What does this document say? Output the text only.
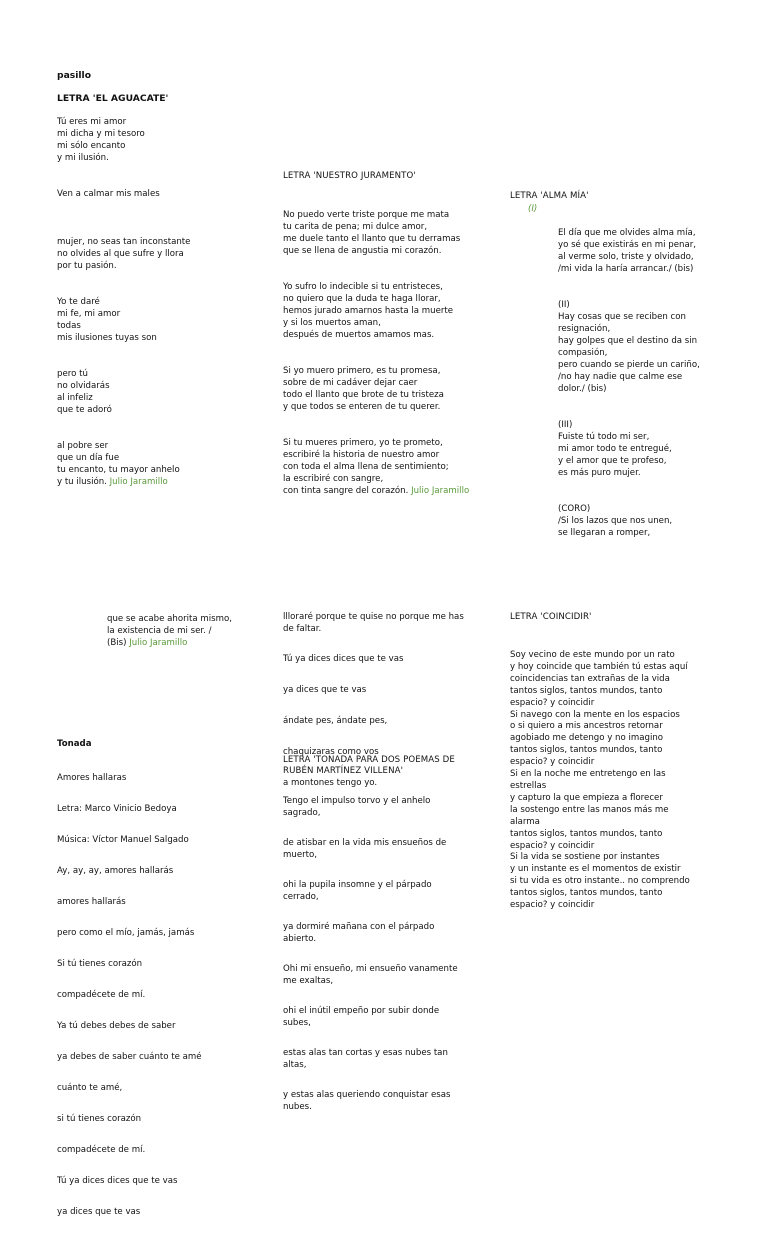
pasillo

LETRA 'EL AGUACATE'

Tú eres mi amor
mi dicha y mi tesoro
mi sólo encanto
y mi ilusión.

Ven a calmar mis males

mujer, no seas tan inconstante
no olvides al que sufre y llora
por tu pasión.

Yo te daré
mi fe, mi amor
todas
mis ilusiones tuyas son

pero tú
no olvidarás
al infeliz
que te adoró

al pobre ser
que un día fue
tu encanto, tu mayor anhelo
y tu ilusión. Julio Jaramillo

LETRA 'NUESTRO JURAMENTO'

No puedo verte triste porque me mata
tu carita de pena; mi dulce amor,
me duele tanto el llanto que tu derramas
que se llena de angustia mi corazón.

Yo sufro lo indecible si tu entristeces,
no quiero que la duda te haga llorar,
hemos jurado amarnos hasta la muerte
y si los muertos aman,
después de muertos amamos mas.

Si yo muero primero, es tu promesa,
sobre de mi cadáver dejar caer
todo el llanto que brote de tu tristeza
y que todos se enteren de tu querer.

Si tu mueres primero, yo te prometo,
escribiré la historia de nuestro amor
con toda el alma llena de sentimiento;
la escribiré con sangre,
con tinta sangre del corazón. Julio Jaramillo

LETRA 'ALMA MÍA'

(I)

El día que me olvides alma mía,
yo sé que existirás en mi penar,
al verme solo, triste y olvidado,
/mi vida la haría arrancar./ (bis)

(II)
Hay cosas que se reciben con
resignación,
hay golpes que el destino da sin
compasión,
pero cuando se pierde un cariño,
/no hay nadie que calme ese
dolor./ (bis)

(III)
Fuiste tú todo mi ser,
mi amor todo te entregué,
y el amor que te profeso,
es más puro mujer.

(CORO)
/Si los lazos que nos unen,
se llegaran a romper,

que se acabe ahorita mismo,
la existencia de mi ser. /
(Bis) Julio Jaramillo

Tonada

Amores hallaras

Letra: Marco Vinicio Bedoya

Música: Víctor Manuel Salgado

Ay, ay, ay, amores hallarás

amores hallarás

pero como el mío, jamás, jamás

Si tú tienes corazón

compadécete de mí.

Ya tú debes debes de saber

ya debes de saber cuánto te amé

cuánto te amé,

si tú tienes corazón

compadécete de mí.

Tú ya dices dices que te vas

ya dices que te vas

llloraré porque te quise no porque me has
de faltar.

Tú ya dices dices que te vas

ya dices que te vas

ándate pes, ándate pes,

chaquizaras como vos

a montones tengo yo.

LETRA 'TONADA PARA DOS POEMAS DE
RUBÉN MARTÍNEZ VILLENA'

Tengo el impulso torvo y el anhelo
sagrado,

de atisbar en la vida mis ensueños de
muerto,

ohi la pupila insomne y el párpado
cerrado,

ya dormiré mañana con el párpado
abierto.

Ohi mi ensueño, mi ensueño vanamente
me exaltas,

ohi el inútil empeño por subir donde
subes,

estas alas tan cortas y esas nubes tan
altas,

y estas alas queriendo conquistar esas
nubes.

LETRA 'COINCIDIR'

Soy vecino de este mundo por un rato
y hoy coincide que también tú estas aquí
coincidencias tan extrañas de la vida
tantos siglos, tantos mundos, tanto
espacio? y coincidir
Si navego con la mente en los espacios
o si quiero a mis ancestros retornar
agobiado me detengo y no imagino
tantos siglos, tantos mundos, tanto
espacio? y coincidir
Si en la noche me entretengo en las
estrellas
y capturo la que empieza a florecer
la sostengo entre las manos más me
alarma
tantos siglos, tantos mundos, tanto
espacio? y coincidir
Si la vida se sostiene por instantes
y un instante es el momentos de existir
si tu vida es otro instante.. no comprendo
tantos siglos, tantos mundos, tanto
espacio? y coincidir
